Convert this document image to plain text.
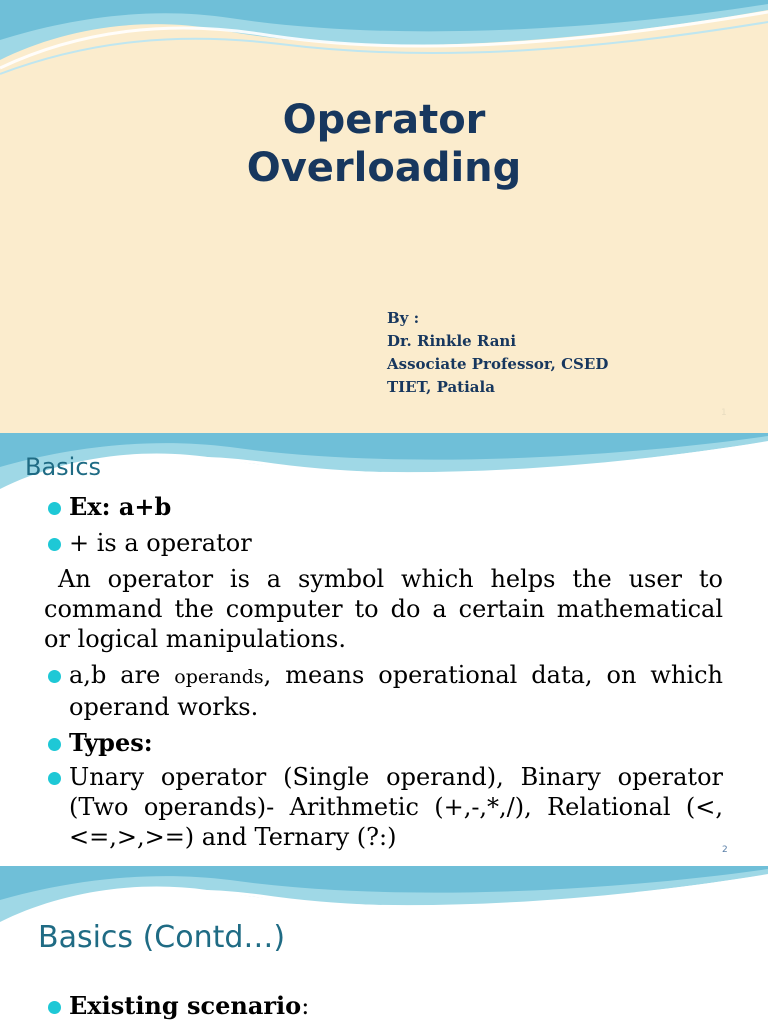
Operator
Overloading
By :
Dr. Rinkle Rani
Associate Professor, CSED
TIET, Patiala
1
Basics
Ex: a+b
+ is a operator
An operator is a symbol which helps the user to command the computer to do a certain mathematical or logical manipulations.
a,b are operands, means operational data, on which operand works.
Types:
Unary operator (Single operand), Binary operator (Two operands)- Arithmetic (+,-,*,/), Relational (<,<=,>,>=) and Ternary (?:)	2
Basics (Contd…)
Existing scenario:
